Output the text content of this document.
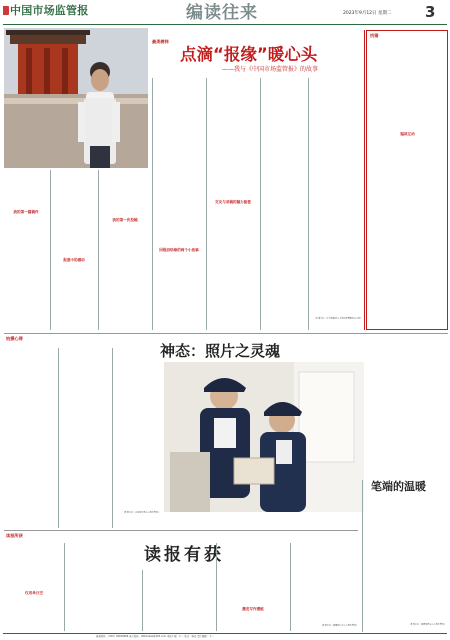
中国市场监管报	编读往来	2023年9月12日 星期二 3
最美榜样
点滴“报缘”暖心头
——我与《中国市场监管报》的故事
我的第一篇稿件
报道中的感动
我的第一次投稿
因报而结缘的两个小故事
交友与采稿的魅力驱使
（作者单位：江苏省宿迁市市场监督管理局办公室）
找错
编读互动
拍摄心得
神态：照片之灵魂
（作者单位：山东省日照市市场监管局）
读报所获
读报有获
仅用单日空
激发写作潜能
（作者单位：湖南省长沙市市场监管局）
笔端的温暖
（作者单位：陕西省西安市市场监管局）
新闻热线：（010）82639686 电子信箱：2016news@163.com 本版主编：王一 版式：杨光 责任编辑：王一
